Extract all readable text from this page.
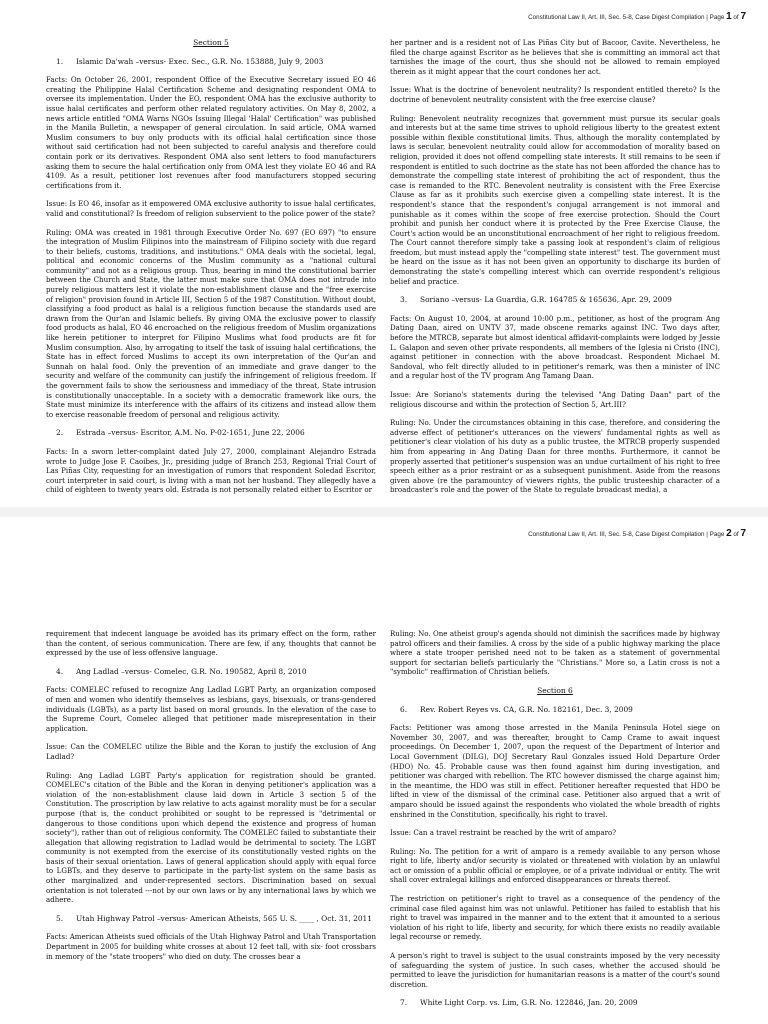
Constitutional Law II, Art. III, Sec. 5-8, Case Digest Compilation | Page 1 of 7

Section 5

1. Islamic Da'wah –versus- Exec. Sec., G.R. No. 153888, July 9, 2003

Facts: On October 26, 2001, respondent Office of the Executive Secretary issued EO 46 creating the Philippine Halal Certification Scheme and designating respondent OMA to oversee its implementation. Under the EO, respondent OMA has the exclusive authority to issue halal certificates and perform other related regulatory activities. On May 8, 2002, a news article entitled "OMA Warns NGOs Issuing Illegal 'Halal' Certification" was published in the Manila Bulletin, a newspaper of general circulation. In said article, OMA warned Muslim consumers to buy only products with its official halal certification since those without said certification had not been subjected to careful analysis and therefore could contain pork or its derivatives. Respondent OMA also sent letters to food manufacturers asking them to secure the halal certification only from OMA lest they violate EO 46 and RA 4109. As a result, petitioner lost revenues after food manufacturers stopped securing certifications from it.

Issue: Is EO 46, insofar as it empowered OMA exclusive authority to issue halal certificates, valid and constitutional? Is freedom of religion subservient to the police power of the state?

Ruling: OMA was created in 1981 through Executive Order No. 697 (EO 697) "to ensure the integration of Muslim Filipinos into the mainstream of Filipino society with due regard to their beliefs, customs, traditions, and institutions." OMA deals with the societal, legal, political and economic concerns of the Muslim community as a "national cultural community" and not as a religious group. Thus, bearing in mind the constitutional barrier between the Church and State, the latter must make sure that OMA does not intrude into purely religious matters lest it violate the non-establishment clause and the "free exercise of religion" provision found in Article III, Section 5 of the 1987 Constitution. Without doubt, classifying a food product as halal is a religious function because the standards used are drawn from the Qur'an and Islamic beliefs. By giving OMA the exclusive power to classify food products as halal, EO 46 encroached on the religious freedom of Muslim organizations like herein petitioner to interpret for Filipino Muslims what food products are fit for Muslim consumption. Also, by arrogating to itself the task of issuing halal certifications, the State has in effect forced Muslims to accept its own interpretation of the Qur'an and Sunnah on halal food. Only the prevention of an immediate and grave danger to the security and welfare of the community can justify the infringement of religious freedom. If the government fails to show the seriousness and immediacy of the threat, State intrusion is constitutionally unacceptable. In a society with a democratic framework like ours, the State must minimize its interference with the affairs of its citizens and instead allow them to exercise reasonable freedom of personal and religious activity.

2. Estrada –versus- Escritor, A.M. No. P-02-1651, June 22, 2006

Facts: In a sworn letter-complaint dated July 27, 2000, complainant Alejandro Estrada wrote to Judge Jose F. Caoibes, Jr., presiding judge of Branch 253, Regional Trial Court of Las Piñas City, requesting for an investigation of rumors that respondent Soledad Escritor, court interpreter in said court, is living with a man not her husband. They allegedly have a child of eighteen to twenty years old. Estrada is not personally related either to Escritor or

her partner and is a resident not of Las Piñas City but of Bacoor, Cavite. Nevertheless, he filed the charge against Escritor as he believes that she is committing an immoral act that tarnishes the image of the court, thus she should not be allowed to remain employed therein as it might appear that the court condones her act.

Issue: What is the doctrine of benevolent neutrality? Is respondent entitled thereto? Is the doctrine of benevolent neutrality consistent with the free exercise clause?

Ruling: Benevolent neutrality recognizes that government must pursue its secular goals and interests but at the same time strives to uphold religious liberty to the greatest extent possible within flexible constitutional limits. Thus, although the morality contemplated by laws is secular, benevolent neutrality could allow for accommodation of morality based on religion, provided it does not offend compelling state interests. It still remains to be seen if respondent is entitled to such doctrine as the state has not been afforded the chance has to demonstrate the compelling state interest of prohibiting the act of respondent, thus the case is remanded to the RTC. Benevolent neutrality is consistent with the Free Exercise Clause as far as it prohibits such exercise given a compelling state interest. It is the respondent's stance that the respondent's conjugal arrangement is not immoral and punishable as it comes within the scope of free exercise protection. Should the Court prohibit and punish her conduct where it is protected by the Free Exercise Clause, the Court's action would be an unconstitutional encroachment of her right to religious freedom. The Court cannot therefore simply take a passing look at respondent's claim of religious freedom, but must instead apply the "compelling state interest" test. The government must be heard on the issue as it has not been given an opportunity to discharge its burden of demonstrating the state's compelling interest which can override respondent's religious belief and practice.

3. Soriano –versus- La Guardia, G.R. 164785 & 165636, Apr. 29, 2009

Facts: On August 10, 2004, at around 10:00 p.m., petitioner, as host of the program Ang Dating Daan, aired on UNTV 37, made obscene remarks against INC. Two days after, before the MTRCB, separate but almost identical affidavit-complaints were lodged by Jessie L. Galapon and seven other private respondents, all members of the Iglesia ni Cristo (INC), against petitioner in connection with the above broadcast. Respondent Michael M. Sandoval, who felt directly alluded to in petitioner's remark, was then a minister of INC and a regular host of the TV program Ang Tamang Daan.

Issue: Are Soriano's statements during the televised "Ang Dating Daan" part of the religious discourse and within the protection of Section 5, Art.III?

Ruling: No. Under the circumstances obtaining in this case, therefore, and considering the adverse effect of petitioner's utterances on the viewers' fundamental rights as well as petitioner's clear violation of his duty as a public trustee, the MTRCB properly suspended him from appearing in Ang Dating Daan for three months. Furthermore, it cannot be properly asserted that petitioner's suspension was an undue curtailment of his right to free speech either as a prior restraint or as a subsequent punishment. Aside from the reasons given above (re the paramountcy of viewers rights, the public trusteeship character of a broadcaster's role and the power of the State to regulate broadcast media), a

Constitutional Law II, Art. III, Sec. 5-8, Case Digest Compilation | Page 2 of 7

requirement that indecent language be avoided has its primary effect on the form, rather than the content, of serious communication. There are few, if any, thoughts that cannot be expressed by the use of less offensive language.

4. Ang Ladlad –versus- Comelec, G.R. No. 190582, April 8, 2010

Facts: COMELEC refused to recognize Ang Ladlad LGBT Party, an organization composed of men and women who identify themselves as lesbians, gays, bisexuals, or trans-gendered individuals (LGBTs), as a party list based on moral grounds. In the elevation of the case to the Supreme Court, Comelec alleged that petitioner made misrepresentation in their application.

Issue: Can the COMELEC utilize the Bible and the Koran to justify the exclusion of Ang Ladlad?

Ruling: Ang Ladlad LGBT Party's application for registration should be granted. COMELEC's citation of the Bible and the Koran in denying petitioner's application was a violation of the non-establishment clause laid down in Article 3 section 5 of the Constitution. The proscription by law relative to acts against morality must be for a secular purpose (that is, the conduct prohibited or sought to be repressed is "detrimental or dangerous to those conditions upon which depend the existence and progress of human society"), rather than out of religious conformity. The COMELEC failed to substantiate their allegation that allowing registration to Ladlad would be detrimental to society. The LGBT community is not exempted from the exercise of its constitutionally vested rights on the basis of their sexual orientation. Laws of general application should apply with equal force to LGBTs, and they deserve to participate in the party-list system on the same basis as other marginalized and under-represented sectors. Discrimination based on sexual orientation is not tolerated ---not by our own laws or by any international laws by which we adhere.

5. Utah Highway Patrol –versus- American Atheists, 565 U. S. ____ , Oct. 31, 2011

Facts: American Atheists sued officials of the Utah Highway Patrol and Utah Transportation Department in 2005 for building white crosses at about 12 feet tall, with six- foot crossbars in memory of the "state troopers" who died on duty. The crosses bear a

Ruling: No. One atheist group's agenda should not diminish the sacrifices made by highway patrol officers and their families. A cross by the side of a public highway marking the place where a state trooper perished need not to be taken as a statement of governmental support for sectarian beliefs particularly the "Christians." More so, a Latin cross is not a "symbolic" reaffirmation of Christian beliefs.

Section 6

6. Rev. Robert Reyes vs. CA, G.R. No. 182161, Dec. 3, 2009

Facts: Petitioner was among those arrested in the Manila Peninsula Hotel siege on November 30, 2007, and was thereafter, brought to Camp Crame to await inquest proceedings. On December 1, 2007, upon the request of the Department of Interior and Local Government (DILG), DOJ Secretary Raul Gonzales issued Hold Departure Order (HDO) No. 45. Probable cause was then found against him during investigation, and petitioner was charged with rebellion. The RTC however dismissed the charge against him; in the meantime, the HDO was still in effect. Petitioner hereafter requested that HDO be lifted in view of the dismissal of the criminal case. Petitioner also argued that a writ of amparo should be issued against the respondents who violated the whole breadth of rights enshrined in the Constitution, specifically, his right to travel.

Issue: Can a travel restraint be reached by the writ of amparo?

Ruling: No. The petition for a writ of amparo is a remedy available to any person whose right to life, liberty and/or security is violated or threatened with violation by an unlawful act or omission of a public official or employee, or of a private individual or entity. The writ shall cover extralegal killings and enforced disappearances or threats thereof.

The restriction on petitioner's right to travel as a consequence of the pendency of the criminal case filed against him was not unlawful. Petitioner has failed to establish that his right to travel was impaired in the manner and to the extent that it amounted to a serious violation of his right to life, liberty and security, for which there exists no readily available legal recourse or remedy.

A person's right to travel is subject to the usual constraints imposed by the very necessity of safeguarding the system of justice. In such cases, whether the accused should be permitted to leave the jurisdiction for humanitarian reasons is a matter of the court's sound discretion.

7. White Light Corp. vs. Lim, G.R. No. 122846, Jan. 20, 2009
